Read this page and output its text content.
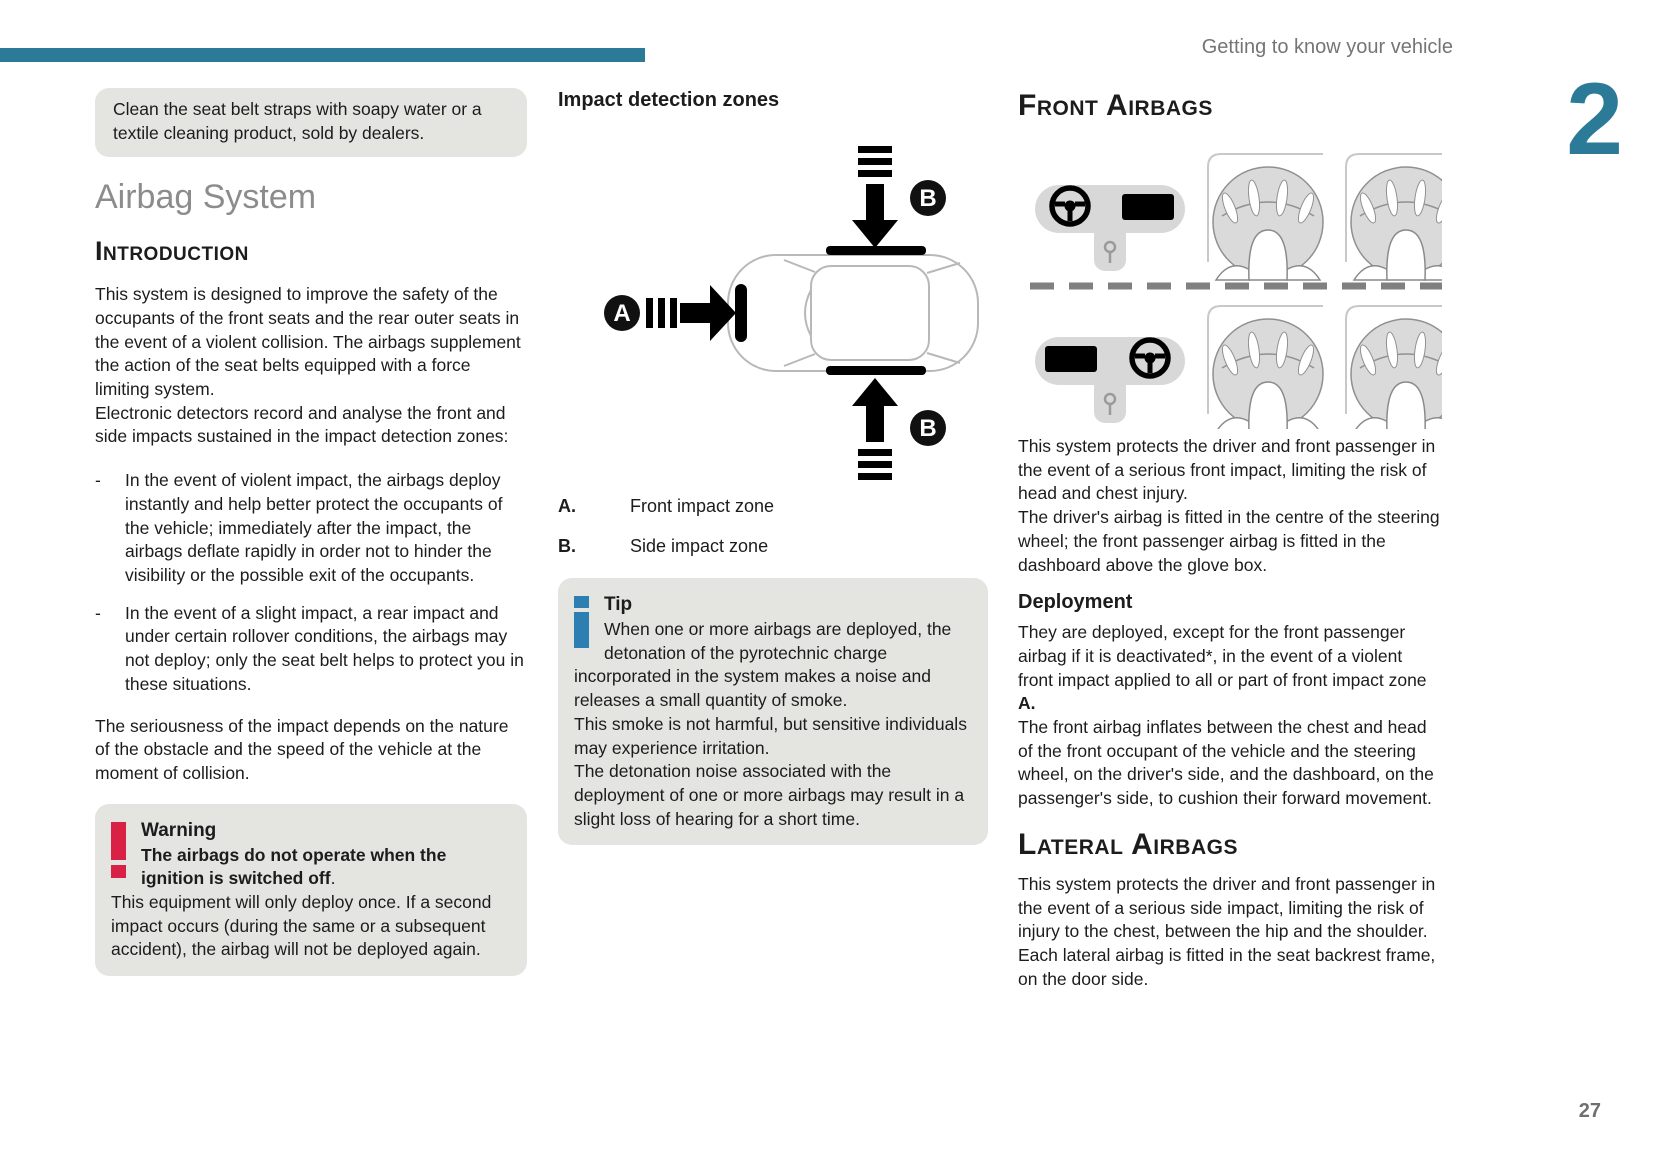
Getting to know your vehicle
2
27
Clean the seat belt straps with soapy water or a textile cleaning product, sold by dealers.
Airbag System
Introduction
This system is designed to improve the safety of the occupants of the front seats and the rear outer seats in the event of a violent collision. The airbags supplement the action of the seat belts equipped with a force limiting system.
Electronic detectors record and analyse the front and side impacts sustained in the impact detection zones:
-	In the event of violent impact, the airbags deploy instantly and help better protect the occupants of the vehicle; immediately after the impact, the airbags deflate rapidly in order not to hinder the visibility or the possible exit of the occupants.
-	In the event of a slight impact, a rear impact and under certain rollover conditions, the airbags may not deploy; only the seat belt helps to protect you in these situations.
The seriousness of the impact depends on the nature of the obstacle and the speed of the vehicle at the moment of collision.
Warning
The airbags do not operate when the ignition is switched off.
This equipment will only deploy once. If a second impact occurs (during the same or a subsequent accident), the airbag will not be deployed again.
Impact detection zones
A
B
B
A.	Front impact zone
B.	Side impact zone
Tip
When one or more airbags are deployed, the detonation of the pyrotechnic charge incorporated in the system makes a noise and releases a small quantity of smoke.
This smoke is not harmful, but sensitive individuals may experience irritation.
The detonation noise associated with the deployment of one or more airbags may result in a slight loss of hearing for a short time.
Front Airbags
This system protects the driver and front passenger in the event of a serious front impact, limiting the risk of head and chest injury.
The driver's airbag is fitted in the centre of the steering wheel; the front passenger airbag is fitted in the dashboard above the glove box.
Deployment
They are deployed, except for the front passenger airbag if it is deactivated*, in the event of a violent front impact applied to all or part of front impact zone A.
The front airbag inflates between the chest and head of the front occupant of the vehicle and the steering wheel, on the driver's side, and the dashboard, on the passenger's side, to cushion their forward movement.
Lateral Airbags
This system protects the driver and front passenger in the event of a serious side impact, limiting the risk of injury to the chest, between the hip and the shoulder.
Each lateral airbag is fitted in the seat backrest frame, on the door side.
